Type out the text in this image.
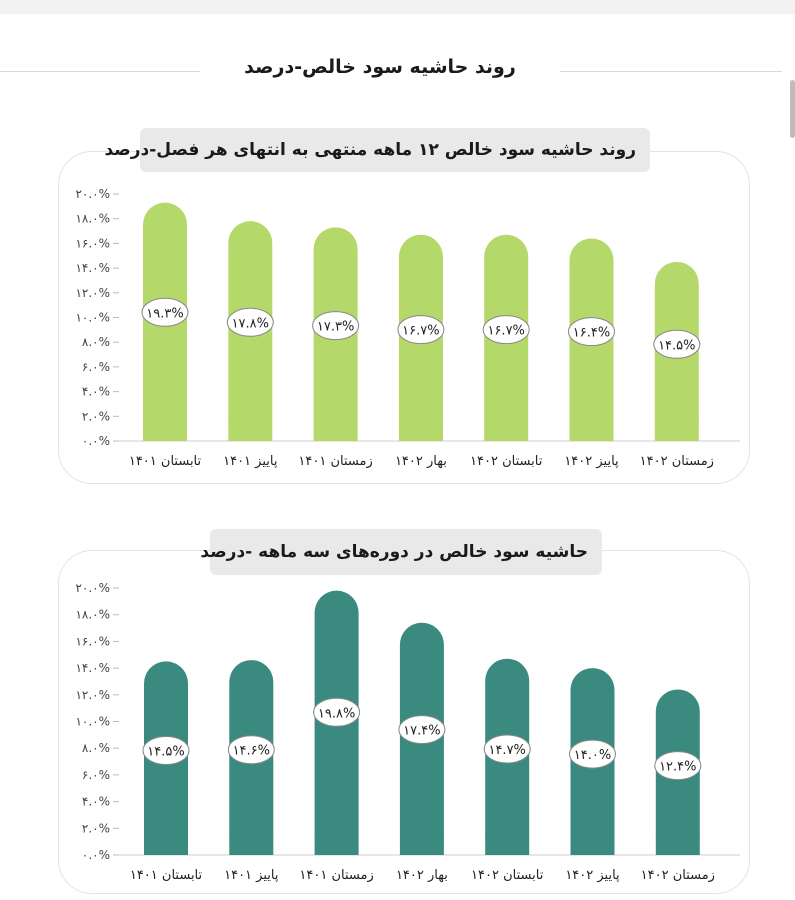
روند حاشیه سود خالص-درصد
۰.۰%
۲.۰%
۴.۰%
۶.۰%
۸.۰%
۱۰.۰%
۱۲.۰%
۱۴.۰%
۱۶.۰%
۱۸.۰%
۲۰.۰%
۱۹.۳%
تابستان ۱۴۰۱
۱۷.۸%
پاییز ۱۴۰۱
۱۷.۳%
زمستان ۱۴۰۱
۱۶.۷%
بهار ۱۴۰۲
۱۶.۷%
تابستان ۱۴۰۲
۱۶.۴%
پاییز ۱۴۰۲
۱۴.۵%
زمستان ۱۴۰۲
روند حاشیه سود خالص ۱۲ ماهه منتهی به انتهای هر فصل-درصد
۰.۰%
۲.۰%
۴.۰%
۶.۰%
۸.۰%
۱۰.۰%
۱۲.۰%
۱۴.۰%
۱۶.۰%
۱۸.۰%
۲۰.۰%
۱۴.۵%
تابستان ۱۴۰۱
۱۴.۶%
پاییز ۱۴۰۱
۱۹.۸%
زمستان ۱۴۰۱
۱۷.۴%
بهار ۱۴۰۲
۱۴.۷%
تابستان ۱۴۰۲
۱۴.۰%
پاییز ۱۴۰۲
۱۲.۴%
زمستان ۱۴۰۲
حاشیه سود خالص در دوره‌های سه ماهه -درصد
